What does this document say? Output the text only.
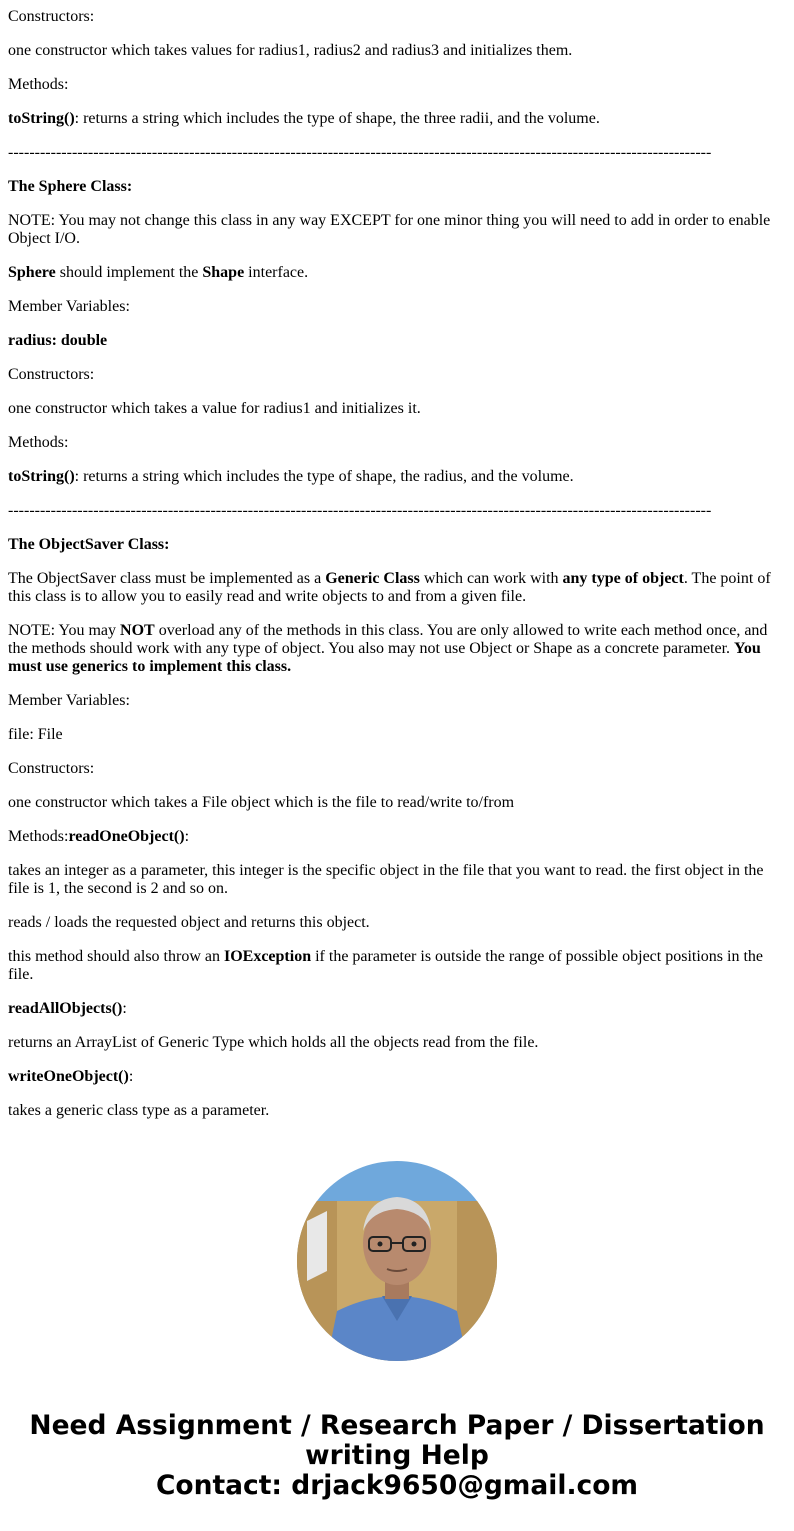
Constructors:

one constructor which takes values for radius1, radius2 and radius3 and initializes them.

Methods:

toString(): returns a string which includes the type of shape, the three radii, and the volume.

------------------------------------------------------------------------------------------------------------------------------------

The Sphere Class:

NOTE: You may not change this class in any way EXCEPT for one minor thing you will need to add in order to enable Object I/O.

Sphere should implement the Shape interface.

Member Variables:

radius: double

Constructors:

one constructor which takes a value for radius1 and initializes it.

Methods:

toString(): returns a string which includes the type of shape, the radius, and the volume.

------------------------------------------------------------------------------------------------------------------------------------

The ObjectSaver Class:

The ObjectSaver class must be implemented as a Generic Class which can work with any type of object. The point of this class is to allow you to easily read and write objects to and from a given file.

NOTE: You may NOT overload any of the methods in this class. You are only allowed to write each method once, and the methods should work with any type of object. You also may not use Object or Shape as a concrete parameter. You must use generics to implement this class.

Member Variables:

file: File

Constructors:

one constructor which takes a File object which is the file to read/write to/from

Methods:readOneObject():

takes an integer as a parameter, this integer is the specific object in the file that you want to read. the first object in the file is 1, the second is 2 and so on.

reads / loads the requested object and returns this object.

this method should also throw an IOException if the parameter is outside the range of possible object positions in the file.

readAllObjects():

returns an ArrayList of Generic Type which holds all the objects read from the file.

writeOneObject():

takes a generic class type as a parameter.

Need Assignment / Research Paper / Dissertation
writing Help
Contact: drjack9650@gmail.com
